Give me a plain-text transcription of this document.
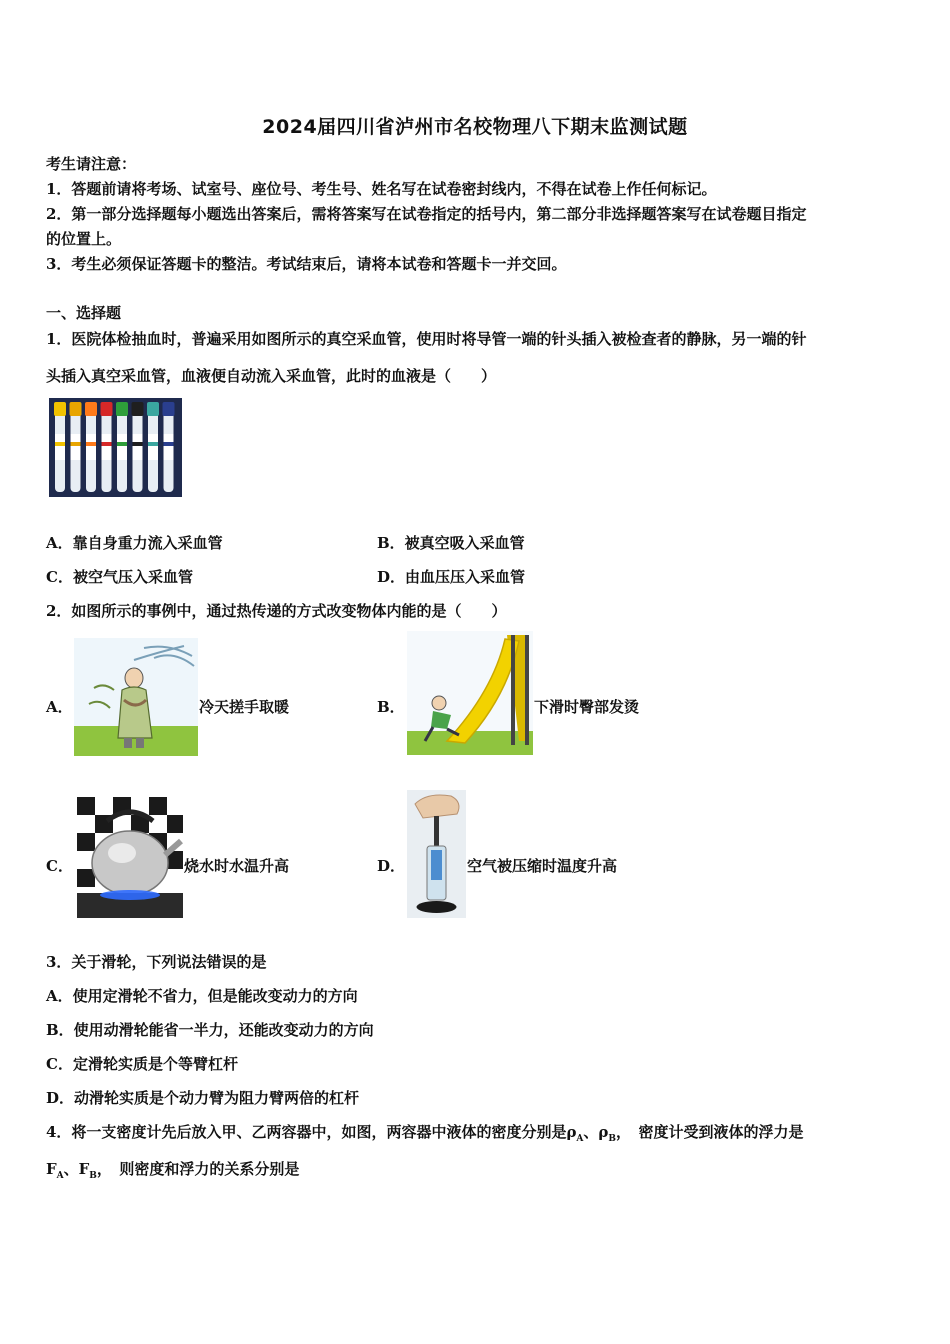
2024届四川省泸州市名校物理八下期末监测试题
考生请注意：
1．答题前请将考场、试室号、座位号、考生号、姓名写在试卷密封线内，不得在试卷上作任何标记。
2．第一部分选择题每小题选出答案后，需将答案写在试卷指定的括号内，第二部分非选择题答案写在试卷题目指定
的位置上。
3．考生必须保证答题卡的整洁。考试结束后，请将本试卷和答题卡一并交回。
一、选择题
1．医院体检抽血时，普遍采用如图所示的真空采血管，使用时将导管一端的针头插入被检查者的静脉，另一端的针
头插入真空采血管，血液便自动流入采血管，此时的血液是（　　）
A．靠自身重力流入采血管	B．被真空吸入采血管
C．被空气压入采血管	D．由血压压入采血管
2．如图所示的事例中，通过热传递的方式改变物体内能的是（　　）
A．	冷天搓手取暖	B．	下滑时臀部发烫
C．	烧水时水温升高	D．	空气被压缩时温度升高
3．关于滑轮，下列说法错误的是
A．使用定滑轮不省力，但是能改变动力的方向
B．使用动滑轮能省一半力，还能改变动力的方向
C．定滑轮实质是个等臂杠杆
D．动滑轮实质是个动力臂为阻力臂两倍的杠杆
4．将一支密度计先后放入甲、乙两容器中，如图，两容器中液体的密度分别是$\rho_A$、$\rho_B$，　密度计受到液体的浮力是
$F_A$、$F_B$，　则密度和浮力的关系分别是
